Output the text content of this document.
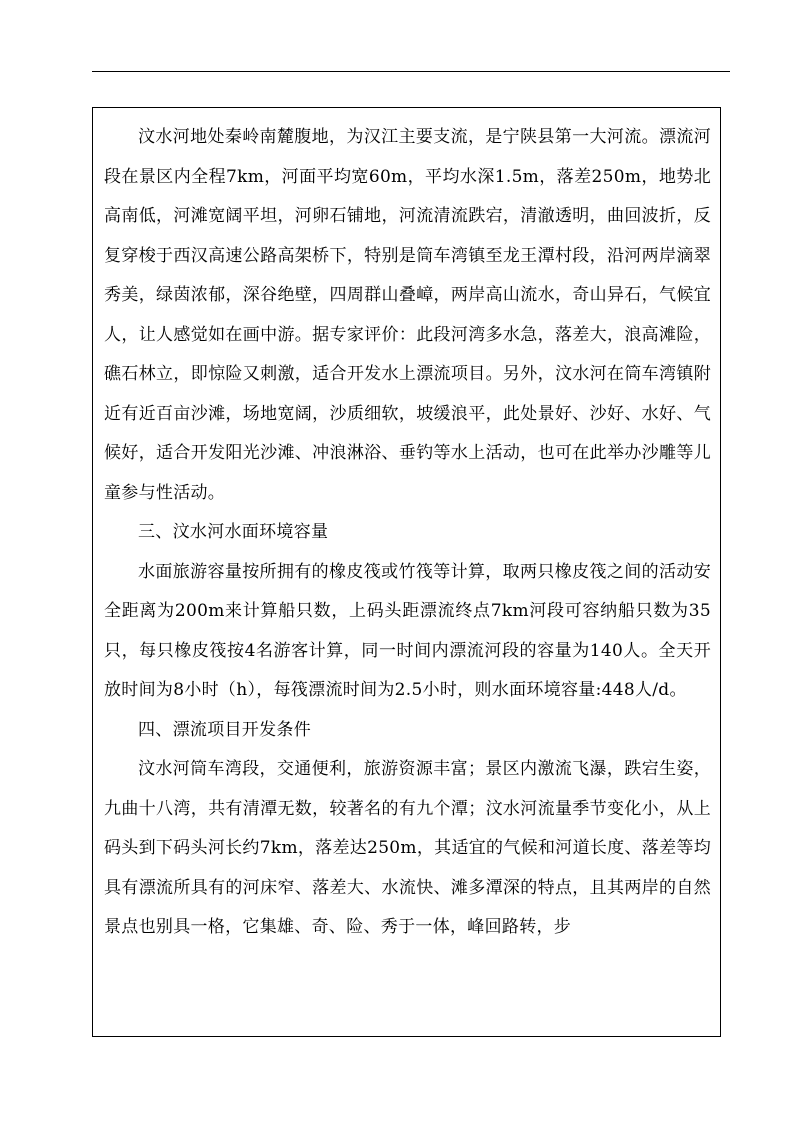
汶水河地处秦岭南麓腹地，为汉江主要支流，是宁陕县第一大河流。漂流河段在景区内全程7km，河面平均宽60m，平均水深1.5m，落差250m，地势北高南低，河滩宽阔平坦，河卵石铺地，河流清流跌宕，清澈透明，曲回波折，反复穿梭于西汉高速公路高架桥下，特别是筒车湾镇至龙王潭村段，沿河两岸滴翠秀美，绿茵浓郁，深谷绝壁，四周群山叠嶂，两岸高山流水，奇山异石，气候宜人，让人感觉如在画中游。据专家评价：此段河湾多水急，落差大，浪高滩险，礁石林立，即惊险又刺激，适合开发水上漂流项目。另外，汶水河在筒车湾镇附近有近百亩沙滩，场地宽阔，沙质细软，坡缓浪平，此处景好、沙好、水好、气候好，适合开发阳光沙滩、冲浪淋浴、垂钓等水上活动，也可在此举办沙雕等儿童参与性活动。

三、汶水河水面环境容量

水面旅游容量按所拥有的橡皮筏或竹筏等计算，取两只橡皮筏之间的活动安全距离为200m来计算船只数，上码头距漂流终点7km河段可容纳船只数为35只，每只橡皮筏按4名游客计算，同一时间内漂流河段的容量为140人。全天开放时间为8小时（h），每筏漂流时间为2.5小时，则水面环境容量:448人/d。

四、漂流项目开发条件

汶水河筒车湾段，交通便利，旅游资源丰富；景区内激流飞瀑，跌宕生姿，九曲十八湾，共有清潭无数，较著名的有九个潭；汶水河流量季节变化小，从上码头到下码头河长约7km，落差达250m，其适宜的气候和河道长度、落差等均具有漂流所具有的河床窄、落差大、水流快、滩多潭深的特点，且其两岸的自然景点也别具一格，它集雄、奇、险、秀于一体，峰回路转，步
